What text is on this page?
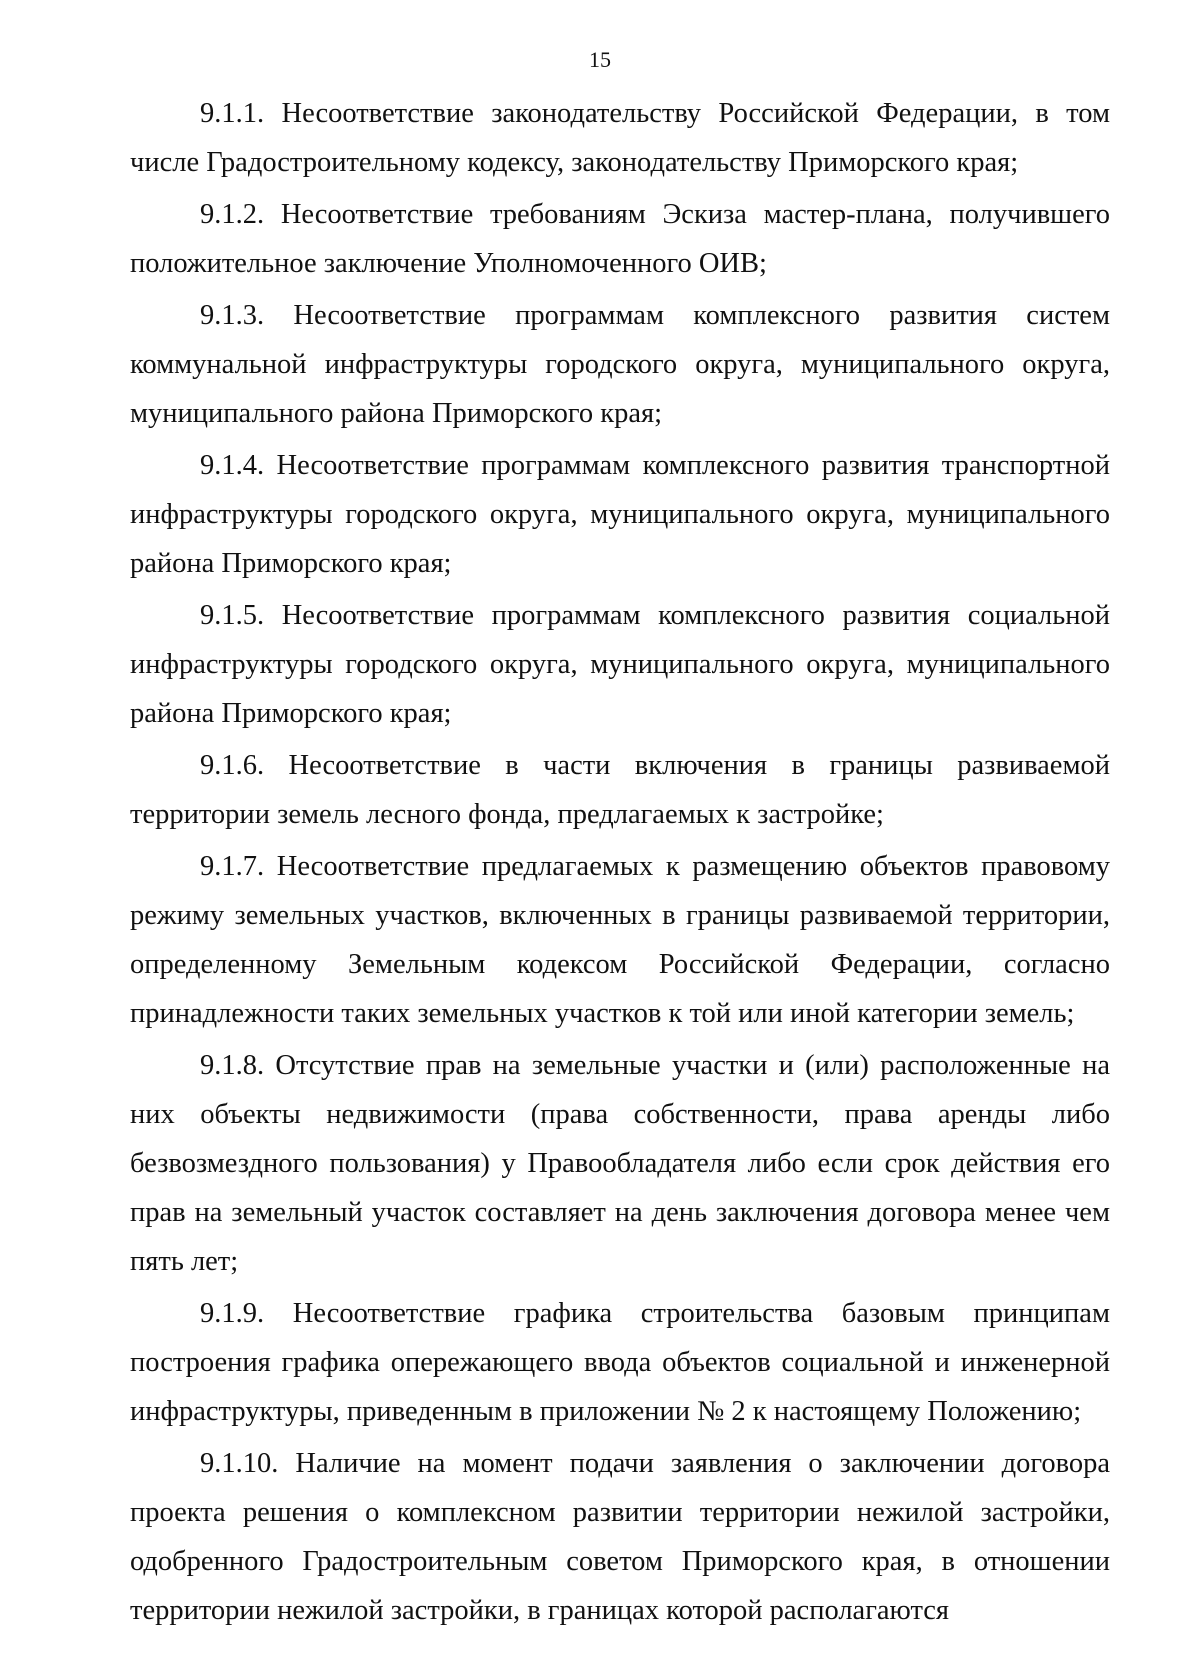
15

9.1.1. Несоответствие законодательству Российской Федерации, в том числе Градостроительному кодексу, законодательству Приморского края;

9.1.2. Несоответствие требованиям Эскиза мастер-плана, получившего положительное заключение Уполномоченного ОИВ;

9.1.3. Несоответствие программам комплексного развития систем коммунальной инфраструктуры городского округа, муниципального округа, муниципального района Приморского края;

9.1.4. Несоответствие программам комплексного развития транспортной инфраструктуры городского округа, муниципального округа, муниципального района Приморского края;

9.1.5. Несоответствие программам комплексного развития социальной инфраструктуры городского округа, муниципального округа, муниципального района Приморского края;

9.1.6. Несоответствие в части включения в границы развиваемой территории земель лесного фонда, предлагаемых к застройке;

9.1.7. Несоответствие предлагаемых к размещению объектов правовому режиму земельных участков, включенных в границы развиваемой территории, определенному Земельным кодексом Российской Федерации, согласно принадлежности таких земельных участков к той или иной категории земель;

9.1.8. Отсутствие прав на земельные участки и (или) расположенные на них объекты недвижимости (права собственности, права аренды либо безвозмездного пользования) у Правообладателя либо если срок действия его прав на земельный участок составляет на день заключения договора менее чем пять лет;

9.1.9. Несоответствие графика строительства базовым принципам построения графика опережающего ввода объектов социальной и инженерной инфраструктуры, приведенным в приложении № 2 к настоящему Положению;

9.1.10. Наличие на момент подачи заявления о заключении договора проекта решения о комплексном развитии территории нежилой застройки, одобренного Градостроительным советом Приморского края, в отношении территории нежилой застройки, в границах которой располагаются
